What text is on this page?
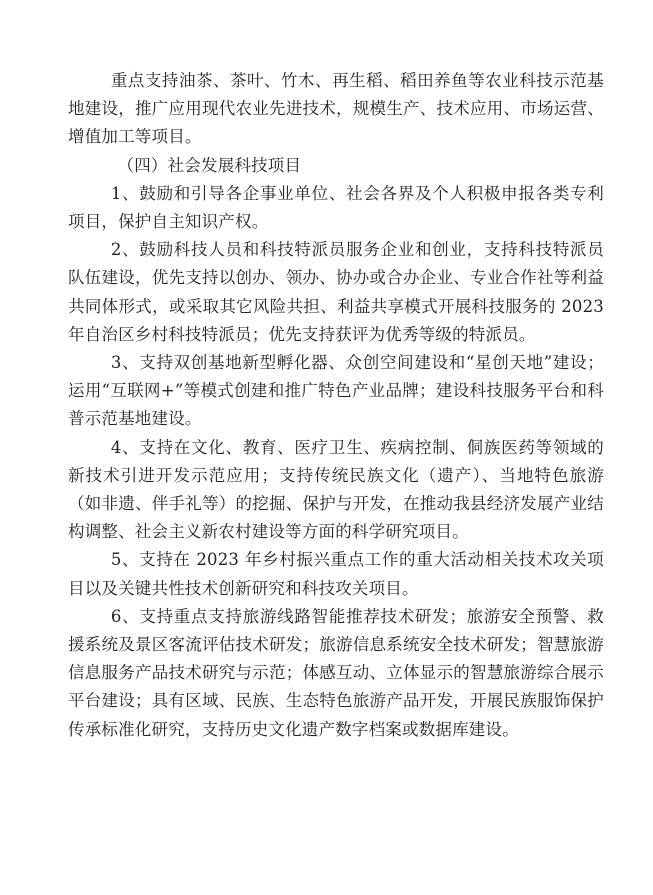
重点支持油茶、茶叶、竹木、再生稻、稻田养鱼等农业科技示范基地建设，推广应用现代农业先进技术，规模生产、技术应用、市场运营、增值加工等项目。

（四）社会发展科技项目

1、鼓励和引导各企事业单位、社会各界及个人积极申报各类专利项目，保护自主知识产权。

2、鼓励科技人员和科技特派员服务企业和创业，支持科技特派员队伍建设，优先支持以创办、领办、协办或合办企业、专业合作社等利益共同体形式，或采取其它风险共担、利益共享模式开展科技服务的 2023 年自治区乡村科技特派员；优先支持获评为优秀等级的特派员。

3、支持双创基地新型孵化器、众创空间建设和“星创天地”建设；运用“互联网+”等模式创建和推广特色产业品牌；建设科技服务平台和科普示范基地建设。

4、支持在文化、教育、医疗卫生、疾病控制、侗族医药等领域的新技术引进开发示范应用；支持传统民族文化（遗产）、当地特色旅游（如非遗、伴手礼等）的挖掘、保护与开发，在推动我县经济发展产业结构调整、社会主义新农村建设等方面的科学研究项目。

5、支持在 2023 年乡村振兴重点工作的重大活动相关技术攻关项目以及关键共性技术创新研究和科技攻关项目。

6、支持重点支持旅游线路智能推荐技术研发；旅游安全预警、救援系统及景区客流评估技术研发；旅游信息系统安全技术研发；智慧旅游信息服务产品技术研究与示范；体感互动、立体显示的智慧旅游综合展示平台建设；具有区域、民族、生态特色旅游产品开发，开展民族服饰保护传承标准化研究，支持历史文化遗产数字档案或数据库建设。
